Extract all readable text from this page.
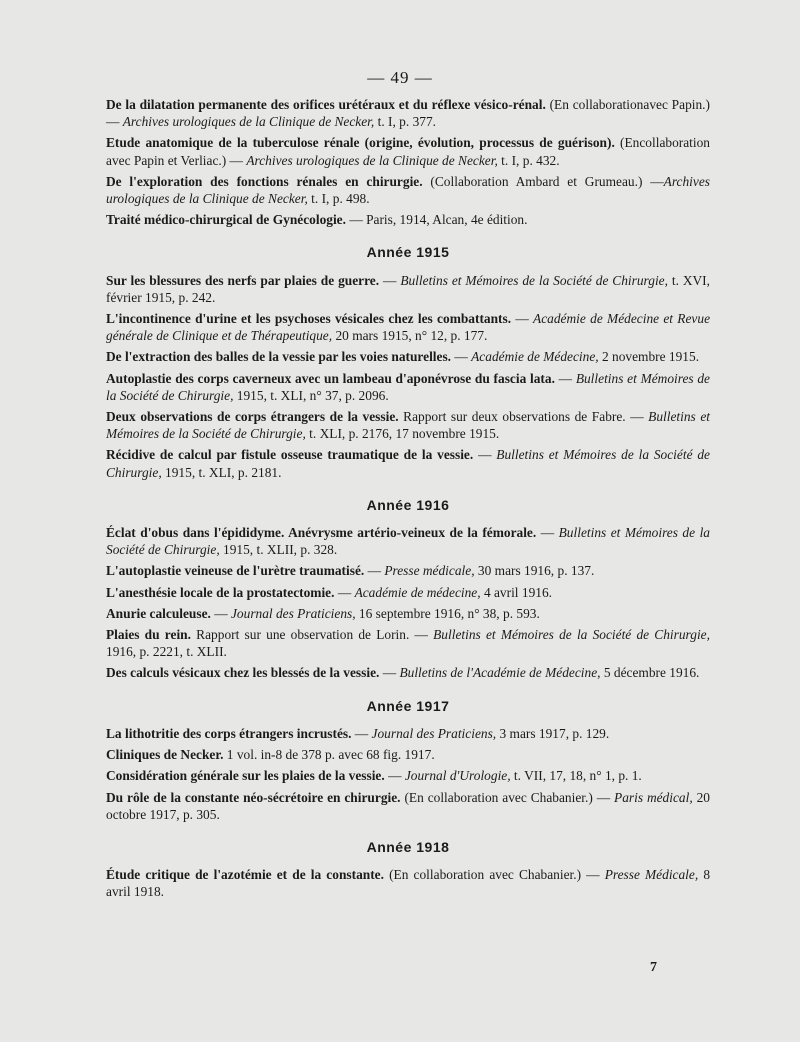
— 49 —
De la dilatation permanente des orifices urétéraux et du réflexe vésico-rénal. (En collaborationavec Papin.) — Archives urologiques de la Clinique de Necker, t. I, p. 377.
Etude anatomique de la tuberculose rénale (origine, évolution, processus de guérison). (Encollaboration avec Papin et Verliac.) — Archives urologiques de la Clinique de Necker, t. I, p. 432.
De l'exploration des fonctions rénales en chirurgie. (Collaboration Ambard et Grumeau.) —Archives urologiques de la Clinique de Necker, t. I, p. 498.
Traité médico-chirurgical de Gynécologie. — Paris, 1914, Alcan, 4e édition.
Année 1915
Sur les blessures des nerfs par plaies de guerre. — Bulletins et Mémoires de la Société de Chirurgie, t. XVI, février 1915, p. 242.
L'incontinence d'urine et les psychoses vésicales chez les combattants. — Académie de Médecine et Revue générale de Clinique et de Thérapeutique, 20 mars 1915, n° 12, p. 177.
De l'extraction des balles de la vessie par les voies naturelles. — Académie de Médecine, 2 novembre 1915.
Autoplastie des corps caverneux avec un lambeau d'aponévrose du fascia lata. — Bulletins et Mémoires de la Société de Chirurgie, 1915, t. XLI, n° 37, p. 2096.
Deux observations de corps étrangers de la vessie. Rapport sur deux observations de Fabre. — Bulletins et Mémoires de la Société de Chirurgie, t. XLI, p. 2176, 17 novembre 1915.
Récidive de calcul par fistule osseuse traumatique de la vessie. — Bulletins et Mémoires de la Société de Chirurgie, 1915, t. XLI, p. 2181.
Année 1916
Éclat d'obus dans l'épididyme. Anévrysme artério-veineux de la fémorale. — Bulletins et Mémoires de la Société de Chirurgie, 1915, t. XLII, p. 328.
L'autoplastie veineuse de l'urètre traumatisé. — Presse médicale, 30 mars 1916, p. 137.
L'anesthésie locale de la prostatectomie. — Académie de médecine, 4 avril 1916.
Anurie calculeuse. — Journal des Praticiens, 16 septembre 1916, n° 38, p. 593.
Plaies du rein. Rapport sur une observation de Lorin. — Bulletins et Mémoires de la Société de Chirurgie, 1916, p. 2221, t. XLII.
Des calculs vésicaux chez les blessés de la vessie. — Bulletins de l'Académie de Médecine, 5 décembre 1916.
Année 1917
La lithotritie des corps étrangers incrustés. — Journal des Praticiens, 3 mars 1917, p. 129.
Cliniques de Necker. 1 vol. in-8 de 378 p. avec 68 fig. 1917.
Considération générale sur les plaies de la vessie. — Journal d'Urologie, t. VII, 17, 18, n° 1, p. 1.
Du rôle de la constante néo-sécrétoire en chirurgie. (En collaboration avec Chabanier.) — Paris médical, 20 octobre 1917, p. 305.
Année 1918
Étude critique de l'azotémie et de la constante. (En collaboration avec Chabanier.) — Presse Médicale, 8 avril 1918.
7
